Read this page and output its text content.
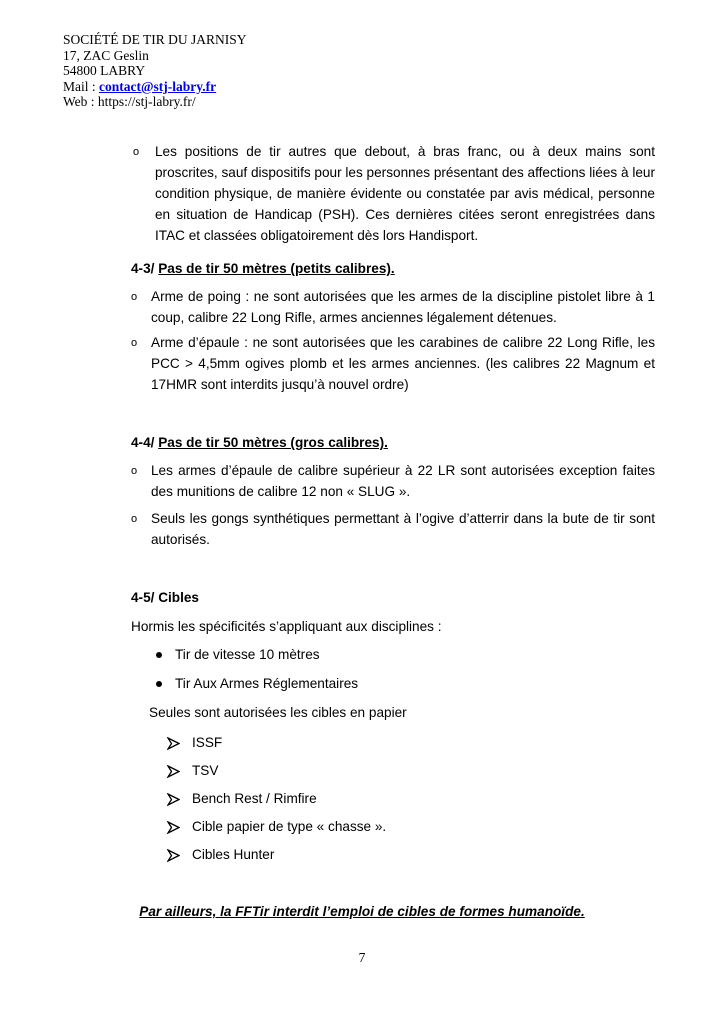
SOCIÉTÉ DE TIR DU JARNISY
17, ZAC Geslin
54800 LABRY
Mail : contact@stj-labry.fr
Web : https://stj-labry.fr/
o Les positions de tir autres que debout, à bras franc, ou à deux mains sont proscrites, sauf dispositifs pour les personnes présentant des affections liées à leur condition physique, de manière évidente ou constatée par avis médical, personne en situation de Handicap (PSH). Ces dernières citées seront enregistrées dans ITAC et classées obligatoirement dès lors Handisport.
4-3/ Pas de tir 50 mètres (petits calibres).
o Arme de poing : ne sont autorisées que les armes de la discipline pistolet libre à 1 coup, calibre 22 Long Rifle, armes anciennes légalement détenues.
o Arme d’épaule : ne sont autorisées que les carabines de calibre 22 Long Rifle, les PCC > 4,5mm ogives plomb et les armes anciennes. (les calibres 22 Magnum et 17HMR sont interdits jusqu’à nouvel ordre)
4-4/ Pas de tir 50 mètres (gros calibres).
o Les armes d’épaule de calibre supérieur à 22 LR sont autorisées exception faites des munitions de calibre 12 non « SLUG ».
o Seuls les gongs synthétiques permettant à l’ogive d’atterrir dans la bute de tir sont autorisés.
4-5/ Cibles
Hormis les spécificités s’appliquant aux disciplines :
Tir de vitesse 10 mètres
Tir Aux Armes Réglementaires
Seules sont autorisées les cibles en papier
ISSF
TSV
Bench Rest / Rimfire
Cible papier de type « chasse ».
Cibles Hunter
Par ailleurs, la FFTir interdit l’emploi de cibles de formes humanoïde.
7
